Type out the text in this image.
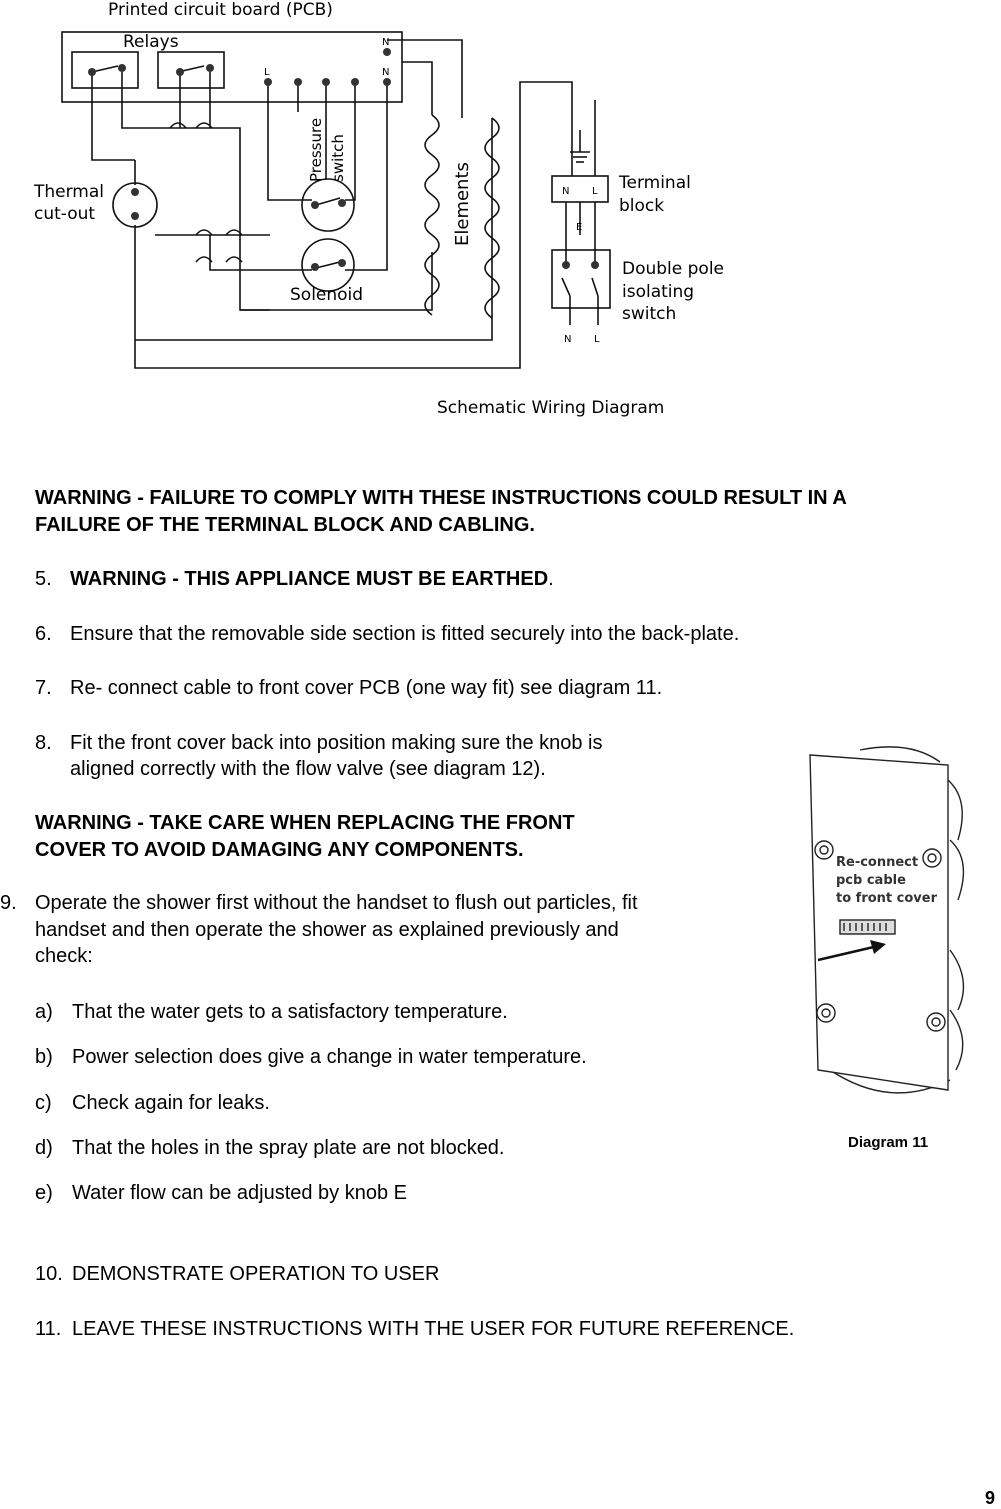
N
N
L
N L
E
N L
Pressure switch
Elements
Printed circuit board (PCB)
Relays
Thermal
cut-out
Solenoid
Terminal
block
Double pole
isolating
switch
Schematic Wiring Diagram
WARNING - FAILURE TO COMPLY WITH THESE INSTRUCTIONS COULD RESULT IN A
FAILURE OF THE TERMINAL BLOCK AND CABLING.
5. WARNING - THIS APPLIANCE MUST BE EARTHED.
6. Ensure that the removable side section is fitted securely into the back-plate.
7. Re- connect cable to front cover PCB (one way fit) see diagram 11.
8. Fit the front cover back into position making sure the knob is
aligned correctly with the flow valve (see diagram 12).
WARNING - TAKE CARE WHEN REPLACING THE FRONT
COVER TO AVOID DAMAGING ANY COMPONENTS.
9. Operate the shower first without the handset to flush out particles, fit
handset and then operate the shower as explained previously and
check:
a) That the water gets to a satisfactory temperature.
b) Power selection does give a change in water temperature.
c) Check again for leaks.
d) That the holes in the spray plate are not blocked.
e) Water flow can be adjusted by knob E
10. DEMONSTRATE OPERATION TO USER
11. LEAVE THESE INSTRUCTIONS WITH THE USER FOR FUTURE REFERENCE.
Re-connect
pcb cable
to front cover
Diagram 11
9
